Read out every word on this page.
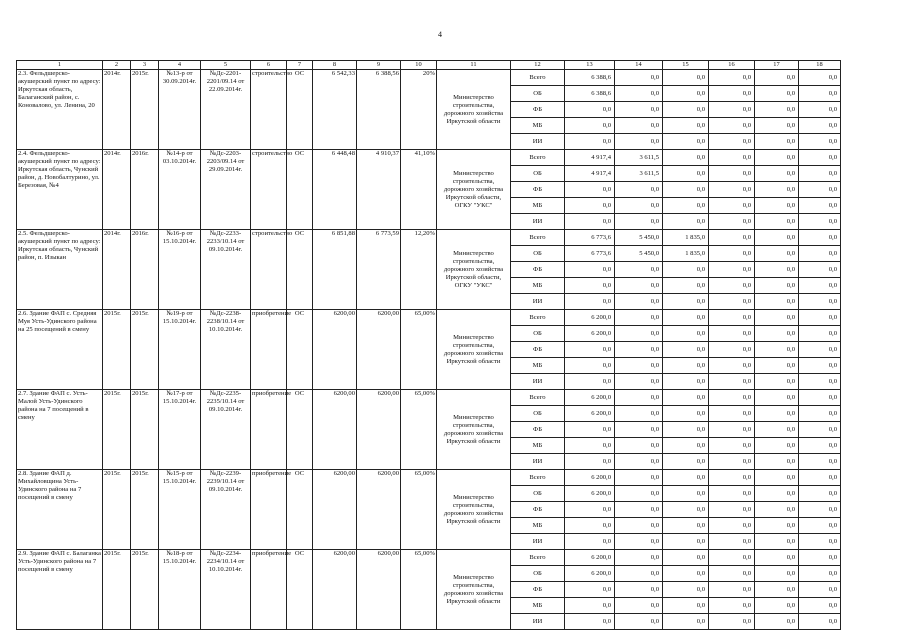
4
1	2	3	4	5	6	7	8	9	10	11	12	13	14	15	16	17	18
2.3. Фельдшерско-акушерский пункт по адресу: Иркутская область, Балаганский район, с. Коновалово, ул. Ленина, 20	2014г.	2015г.	№13-р от 30.09.2014г.	№Дс-2201-2201/09.14 от 22.09.2014г.	строительство	ОС	6 542,33	6 388,56	20%	Министерство строительства, дорожного хозяйства Иркутской области	Всего	6 388,6	0,0	0,0	0,0	0,0	0,0
											ОБ	6 388,6	0,0	0,0	0,0	0,0	0,0
											ФБ	0,0	0,0	0,0	0,0	0,0	0,0
											МБ	0,0	0,0	0,0	0,0	0,0	0,0
											ИИ	0,0	0,0	0,0	0,0	0,0	0,0
2.4. Фельдшерско-акушерский пункт по адресу: Иркутская область, Чунский район, д. Новобалтурино, ул. Березовая, №4	2014г.	2016г.	№14-р от 03.10.2014г.	№Дс-2203-2203/09.14 от 29.09.2014г.	строительство	ОС	6 448,48	4 910,37	41,10%	Министерство строительства, дорожного хозяйства Иркутской области, ОГКУ "УКС"	Всего	4 917,4	3 611,5	0,0	0,0	0,0	0,0
											ОБ	4 917,4	3 611,5	0,0	0,0	0,0	0,0
											ФБ	0,0	0,0	0,0	0,0	0,0	0,0
											МБ	0,0	0,0	0,0	0,0	0,0	0,0
											ИИ	0,0	0,0	0,0	0,0	0,0	0,0
2.5. Фельдшерско-акушерский пункт по адресу: Иркутская область, Чунский район, п. Изыкан	2014г.	2016г.	№16-р от 15.10.2014г.	№Дс-2233-2233/10.14 от 09.10.2014г.	строительство	ОС	6 851,88	6 773,59	12,20%	Министерство строительства, дорожного хозяйства Иркутской области, ОГКУ "УКС"	Всего	6 773,6	5 450,0	1 835,0	0,0	0,0	0,0
											ОБ	6 773,6	5 450,0	1 835,0	0,0	0,0	0,0
											ФБ	0,0	0,0	0,0	0,0	0,0	0,0
											МБ	0,0	0,0	0,0	0,0	0,0	0,0
											ИИ	0,0	0,0	0,0	0,0	0,0	0,0
2.6. Здание ФАП с. Средняя Муя Усть-Удинского района на 25 посещений в смену	2015г.	2015г.	№19-р от 15.10.2014г.	№Дс-2238-2238/10.14 от 10.10.2014г.	приобретение	ОС	6200,00	6200,00	65,00%	Министерство строительства, дорожного хозяйства Иркутской области	Всего	6 200,0	0,0	0,0	0,0	0,0	0,0
											ОБ	6 200,0	0,0	0,0	0,0	0,0	0,0
											ФБ	0,0	0,0	0,0	0,0	0,0	0,0
											МБ	0,0	0,0	0,0	0,0	0,0	0,0
											ИИ	0,0	0,0	0,0	0,0	0,0	0,0
2.7. Здание ФАП с. Усть-Малой Усть-Удинского района на 7 посещений в смену	2015г.	2015г.	№17-р от 15.10.2014г.	№Дс-2235-2235/10.14 от 09.10.2014г.	приобретение	ОС	6200,00	6200,00	65,00%	Министерство строительства, дорожного хозяйства Иркутской области	Всего	6 200,0	0,0	0,0	0,0	0,0	0,0
											ОБ	6 200,0	0,0	0,0	0,0	0,0	0,0
											ФБ	0,0	0,0	0,0	0,0	0,0	0,0
											МБ	0,0	0,0	0,0	0,0	0,0	0,0
											ИИ	0,0	0,0	0,0	0,0	0,0	0,0
2.8. Здание ФАП д. Михайловщина Усть-Удинского района на 7 посещений в смену	2015г.	2015г.	№15-р от 15.10.2014г.	№Дс-2239-2239/10.14 от 09.10.2014г.	приобретение	ОС	6200,00	6200,00	65,00%	Министерство строительства, дорожного хозяйства Иркутской области	Всего	6 200,0	0,0	0,0	0,0	0,0	0,0
											ОБ	6 200,0	0,0	0,0	0,0	0,0	0,0
											ФБ	0,0	0,0	0,0	0,0	0,0	0,0
											МБ	0,0	0,0	0,0	0,0	0,0	0,0
											ИИ	0,0	0,0	0,0	0,0	0,0	0,0
2.9. Здание ФАП с. Балаганка Усть-Удинского района на 7 посещений в смену	2015г.	2015г.	№18-р от 15.10.2014г.	№Дс-2234-2234/10.14 от 10.10.2014г.	приобретение	ОС	6200,00	6200,00	65,00%	Министерство строительства, дорожного хозяйства Иркутской области	Всего	6 200,0	0,0	0,0	0,0	0,0	0,0
											ОБ	6 200,0	0,0	0,0	0,0	0,0	0,0
											ФБ	0,0	0,0	0,0	0,0	0,0	0,0
											МБ	0,0	0,0	0,0	0,0	0,0	0,0
											ИИ	0,0	0,0	0,0	0,0	0,0	0,0
